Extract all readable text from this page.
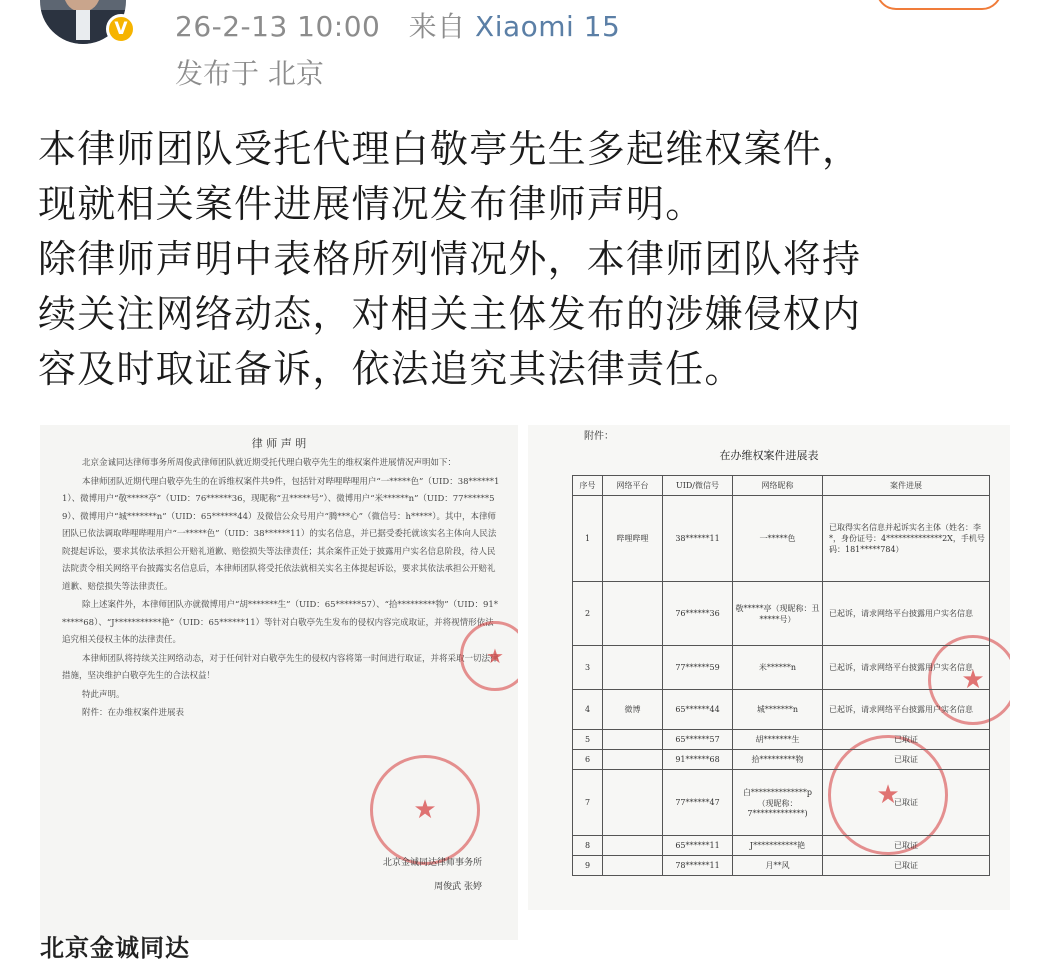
V	26-2-13 10:00 来自 Xiaomi 15
发布于 北京

本律师团队受托代理白敬亭先生多起维权案件，

现就相关案件进展情况发布律师声明。

除律师声明中表格所列情况外，本律师团队将持

续关注网络动态，对相关主体发布的涉嫌侵权内

容及时取证备诉，依法追究其法律责任。

律 师 声 明

北京金诚同达律师事务所周俊武律师团队就近期受托代理白敬亭先生的维权案件进展情况声明如下：

本律师团队近期代理白敬亭先生的在诉维权案件共9件，包括针对哔哩哔哩用户“一*****色”（UID：38******11）、微博用户“敬*****亭”（UID：76******36，现昵称“丑*****号”）、微博用户“米******n”（UID：77******59）、微博用户“城*******n”（UID：65******44）及微信公众号用户“腾***心”（微信号：h*****）。其中，本律师团队已依法调取哔哩哔哩用户“一*****色”（UID：38******11）的实名信息，并已据受委托就该实名主体向人民法院提起诉讼，要求其依法承担公开赔礼道歉、赔偿损失等法律责任；其余案件正处于披露用户实名信息阶段，待人民法院责令相关网络平台披露实名信息后，本律师团队将受托依法就相关实名主体提起诉讼，要求其依法承担公开赔礼道歉、赔偿损失等法律责任。

除上述案件外，本律师团队亦就微博用户“胡*******生”（UID：65******57）、“拾*********物”（UID：91******68）、“J***********艳”（UID：65******11）等针对白敬亭先生发布的侵权内容完成取证，并将视情形依法追究相关侵权主体的法律责任。

本律师团队将持续关注网络动态，对于任何针对白敬亭先生的侵权内容将第一时间进行取证，并将采取一切法律措施，坚决维护白敬亭先生的合法权益！

特此声明。

附件：在办维权案件进展表

★
★
北京金诚同达律师事务所
周俊武 张婷
附件：
在办维权案件进展表
★
★
序号	网络平台	UID/微信号	网络昵称	案件进展
1	哔哩哔哩	38******11	一*****色	已取得实名信息并起诉实名主体（姓名：李*，身份证号：4**************2X，手机号码：181*****784）
2		76******36	敬*****亭（现昵称：丑*****号）	已起诉，请求网络平台披露用户实名信息
3		77******59	米******n	已起诉，请求网络平台披露用户实名信息
4	微博	65******44	城*******n	已起诉，请求网络平台披露用户实名信息
5		65******57	胡*******生	已取证
6		91******68	拾*********物	已取证
7		77******47	白**************p（现昵称：7*************)	已取证
8		65******11	J***********艳	已取证
9		78******11	月**风	已取证
北京金诚同达
